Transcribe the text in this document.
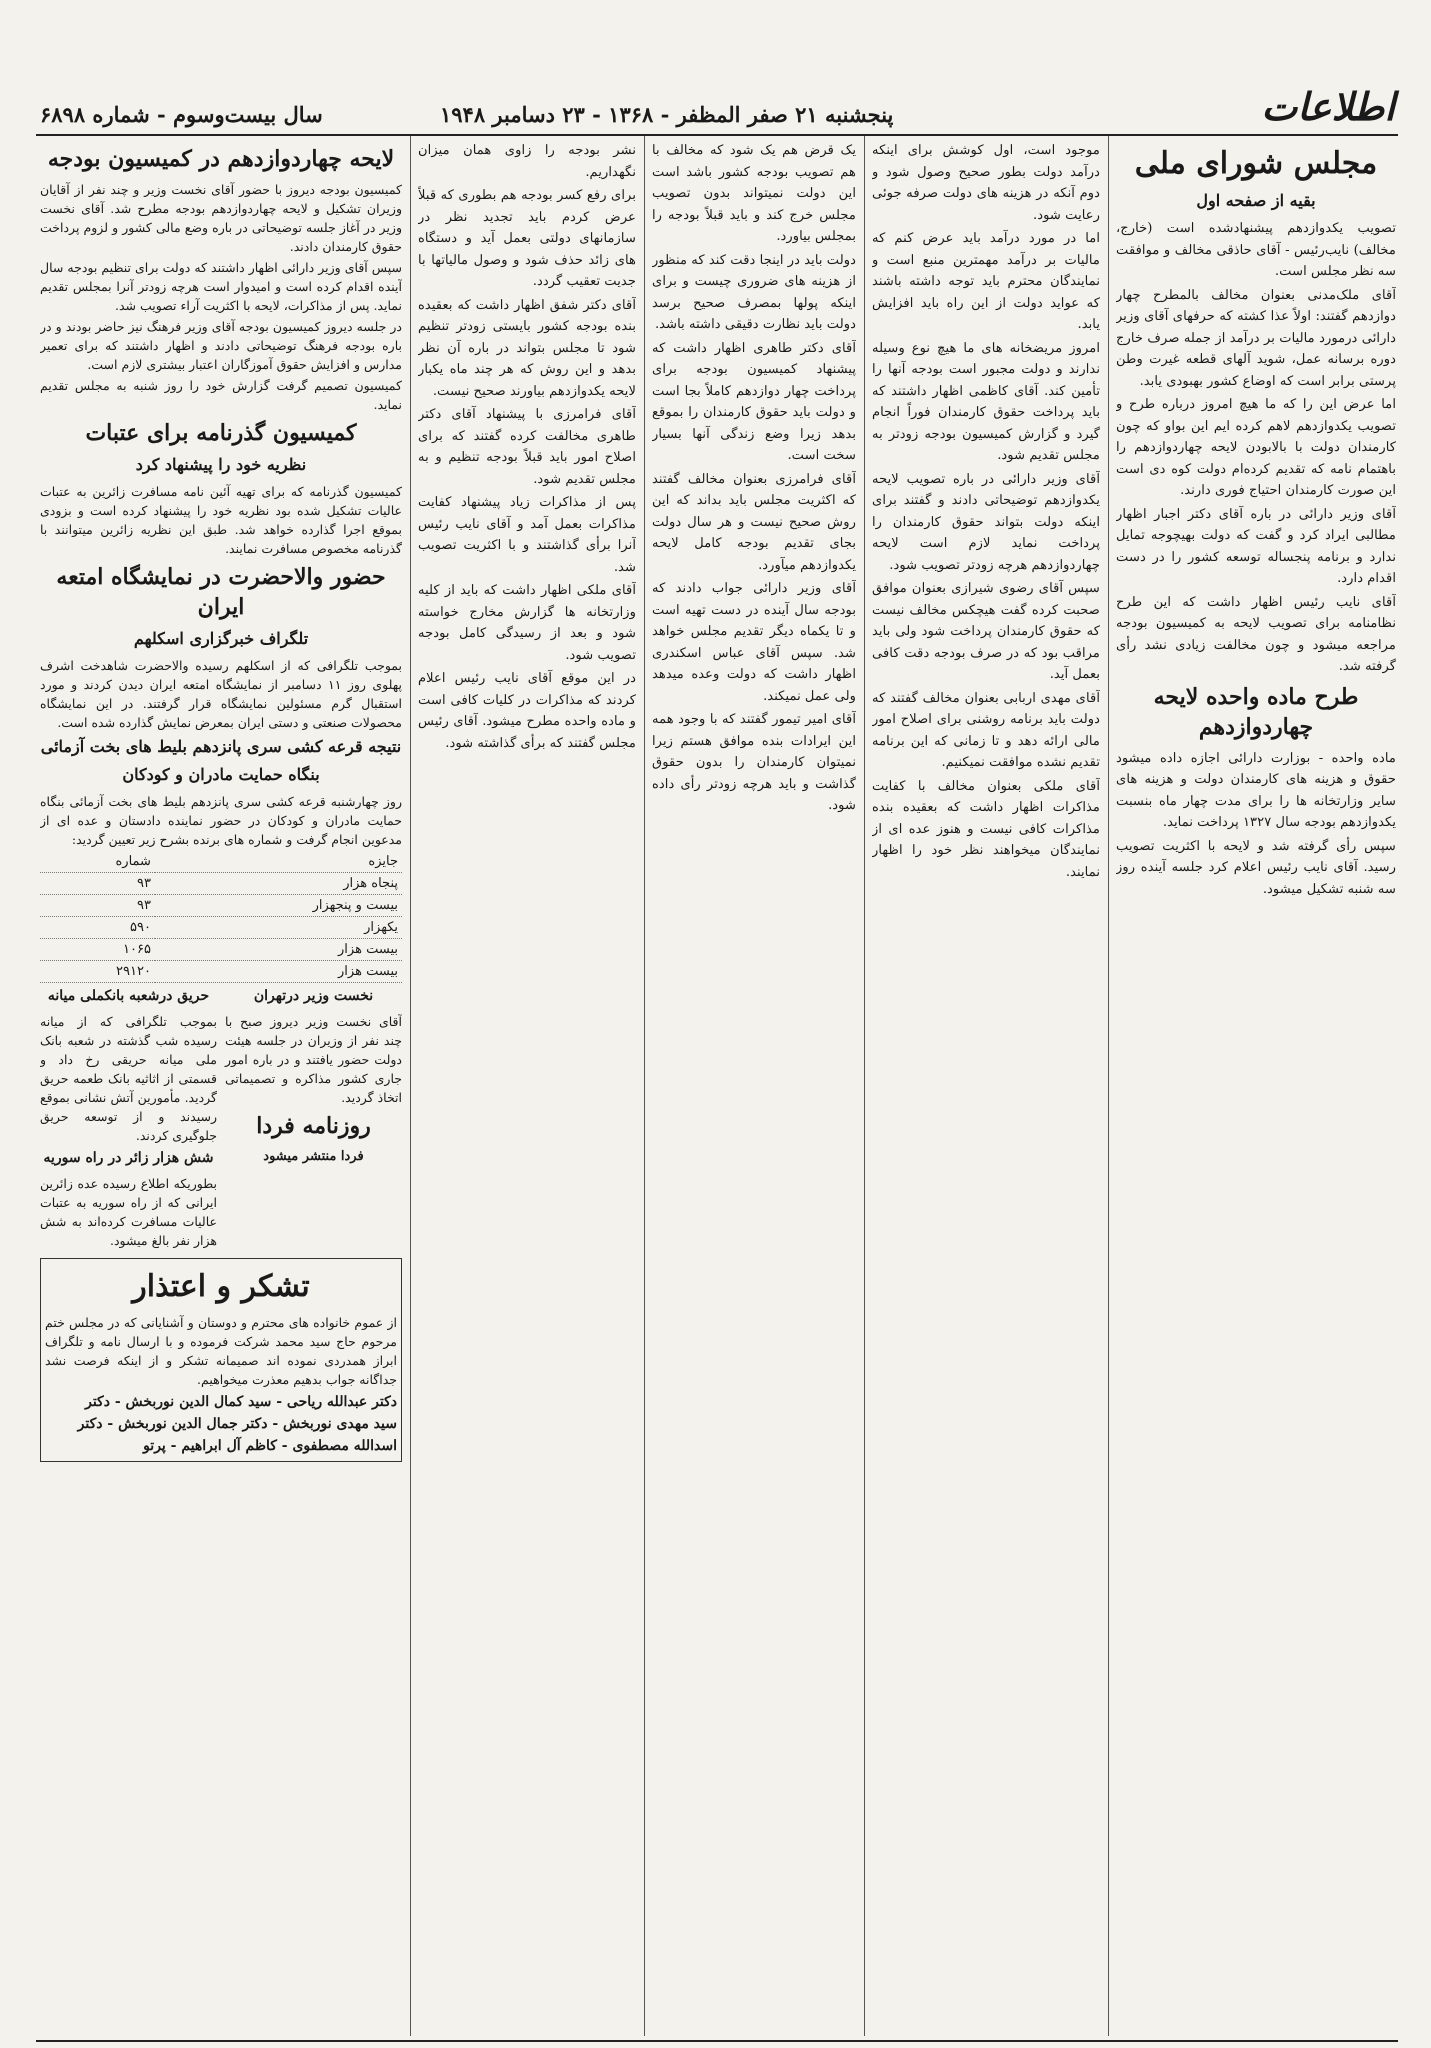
سال بیست‌وسوم - شماره ۶۸۹۸	پنجشنبه ۲۱ صفر المظفر - ۱۳۶۸ - ۲۳ دسامبر ۱۹۴۸	اطلاعات
مجلس شورای ملی
بقیه از صفحه اول

تصویب یکدوازدهم پیشنهادشده است (خارج، مخالف) نایب‌رئیس - آقای حاذقی مخالف و موافقت سه نظر مجلس است.

آقای ملک‌مدنی بعنوان مخالف بالمطرح چهار دوازدهم گفتند: اولاً عذا کشته که حرفهای آقای وزیر دارائی درمورد مالیات بر درآمد از جمله صرف خارج دوره برسانه عمل، شوید آلهای قطعه غیرت وطن پرستی برابر است که اوضاع کشور بهبودی یابد.

اما عرض این را که ما هیچ امروز درباره طرح و تصویب یکدوازدهم لاهم کرده ایم این بواو که چون کارمندان دولت با بالابودن لایحه چهاردوازدهم را باهتمام نامه که تقدیم کرده‌ام دولت کوه دی است این صورت کارمندان احتیاج فوری دارند.

آقای وزیر دارائی در باره آقای دکتر اجبار اظهار مطالبی ایراد کرد و گفت که دولت بهیچوجه تمایل ندارد و برنامه پنجساله توسعه کشور را در دست اقدام دارد.

آقای نایب رئیس اظهار داشت که این طرح نظامنامه برای تصویب لایحه به کمیسیون بودجه مراجعه میشود و چون مخالفت زیادی نشد رأی گرفته شد.

طرح ماده واحده لایحه چهاردوازدهم

ماده واحده - بوزارت دارائی اجازه داده میشود حقوق و هزینه های کارمندان دولت و هزینه های سایر وزارتخانه ها را برای مدت چهار ماه بنسبت یکدوازدهم بودجه سال ۱۳۲۷ پرداخت نماید.

سپس رأی گرفته شد و لایحه با اکثریت تصویب رسید. آقای نایب رئیس اعلام کرد جلسه آینده روز سه شنبه تشکیل میشود.

موجود است، اول کوشش برای اینکه درآمد دولت بطور صحیح وصول شود و دوم آنکه در هزینه های دولت صرفه جوئی رعایت شود.

اما در مورد درآمد باید عرض کنم که مالیات بر درآمد مهمترین منبع است و نمایندگان محترم باید توجه داشته باشند که عواید دولت از این راه باید افزایش یابد.

امروز مریضخانه های ما هیچ نوع وسیله ندارند و دولت مجبور است بودجه آنها را تأمین کند. آقای کاظمی اظهار داشتند که باید پرداخت حقوق کارمندان فوراً انجام گیرد و گزارش کمیسیون بودجه زودتر به مجلس تقدیم شود.

آقای وزیر دارائی در باره تصویب لایحه یکدوازدهم توضیحاتی دادند و گفتند برای اینکه دولت بتواند حقوق کارمندان را پرداخت نماید لازم است لایحه چهاردوازدهم هرچه زودتر تصویب شود.

سپس آقای رضوی شیرازی بعنوان موافق صحبت کرده گفت هیچکس مخالف نیست که حقوق کارمندان پرداخت شود ولی باید مراقب بود که در صرف بودجه دقت کافی بعمل آید.

آقای مهدی اربابی بعنوان مخالف گفتند که دولت باید برنامه روشنی برای اصلاح امور مالی ارائه دهد و تا زمانی که این برنامه تقدیم نشده موافقت نمیکنیم.

آقای ملکی بعنوان مخالف با کفایت مذاکرات اظهار داشت که بعقیده بنده مذاکرات کافی نیست و هنوز عده ای از نمایندگان میخواهند نظر خود را اظهار نمایند.

یک قرض هم یک شود که مخالف با هم تصویب بودجه کشور باشد است این دولت نمیتواند بدون تصویب مجلس خرج کند و باید قبلاً بودجه را بمجلس بیاورد.

دولت باید در اینجا دقت کند که منظور از هزینه های ضروری چیست و برای اینکه پولها بمصرف صحیح برسد دولت باید نظارت دقیقی داشته باشد.

آقای دکتر طاهری اظهار داشت که پیشنهاد کمیسیون بودجه برای پرداخت چهار دوازدهم کاملاً بجا است و دولت باید حقوق کارمندان را بموقع بدهد زیرا وضع زندگی آنها بسیار سخت است.

آقای فرامرزی بعنوان مخالف گفتند که اکثریت مجلس باید بداند که این روش صحیح نیست و هر سال دولت بجای تقدیم بودجه کامل لایحه یکدوازدهم میآورد.

آقای وزیر دارائی جواب دادند که بودجه سال آینده در دست تهیه است و تا یکماه دیگر تقدیم مجلس خواهد شد. سپس آقای عباس اسکندری اظهار داشت که دولت وعده میدهد ولی عمل نمیکند.

آقای امیر تیمور گفتند که با وجود همه این ایرادات بنده موافق هستم زیرا نمیتوان کارمندان را بدون حقوق گذاشت و باید هرچه زودتر رأی داده شود.

نشر بودجه را زاوی همان میزان نگهداریم.

برای رفع کسر بودجه هم بطوری که قبلاً عرض کردم باید تجدید نظر در سازمانهای دولتی بعمل آید و دستگاه های زائد حذف شود و وصول مالیاتها با جدیت تعقیب گردد.

آقای دکتر شفق اظهار داشت که بعقیده بنده بودجه کشور بایستی زودتر تنظیم شود تا مجلس بتواند در باره آن نظر بدهد و این روش که هر چند ماه یکبار لایحه یکدوازدهم بیاورند صحیح نیست.

آقای فرامرزی با پیشنهاد آقای دکتر طاهری مخالفت کرده گفتند که برای اصلاح امور باید قبلاً بودجه تنظیم و به مجلس تقدیم شود.

پس از مذاکرات زیاد پیشنهاد کفایت مذاکرات بعمل آمد و آقای نایب رئیس آنرا برأی گذاشتند و با اکثریت تصویب شد.

آقای ملکی اظهار داشت که باید از کلیه وزارتخانه ها گزارش مخارج خواسته شود و بعد از رسیدگی کامل بودجه تصویب شود.

در این موقع آقای نایب رئیس اعلام کردند که مذاکرات در کلیات کافی است و ماده واحده مطرح میشود. آقای رئیس مجلس گفتند که برأی گذاشته شود.

لایحه چهاردوازدهم در کمیسیون بودجه

کمیسیون بودجه دیروز با حضور آقای نخست وزیر و چند نفر از آقایان وزیران تشکیل و لایحه چهاردوازدهم بودجه مطرح شد. آقای نخست وزیر در آغاز جلسه توضیحاتی در باره وضع مالی کشور و لزوم پرداخت حقوق کارمندان دادند.

سپس آقای وزیر دارائی اظهار داشتند که دولت برای تنظیم بودجه سال آینده اقدام کرده است و امیدوار است هرچه زودتر آنرا بمجلس تقدیم نماید. پس از مذاکرات، لایحه با اکثریت آراء تصویب شد.

در جلسه دیروز کمیسیون بودجه آقای وزیر فرهنگ نیز حاضر بودند و در باره بودجه فرهنگ توضیحاتی دادند و اظهار داشتند که برای تعمیر مدارس و افزایش حقوق آموزگاران اعتبار بیشتری لازم است.

کمیسیون تصمیم گرفت گزارش خود را روز شنبه به مجلس تقدیم نماید.

کمیسیون گذرنامه برای عتبات
نظریه خود را پیشنهاد کرد

کمیسیون گذرنامه که برای تهیه آئین نامه مسافرت زائرین به عتبات عالیات تشکیل شده بود نظریه خود را پیشنهاد کرده است و بزودی بموقع اجرا گذارده خواهد شد. طبق این نظریه زائرین میتوانند با گذرنامه مخصوص مسافرت نمایند.

حضور والاحضرت در نمایشگاه امتعه ایران
تلگراف خبرگزاری اسکلهم

بموجب تلگرافی که از اسکلهم رسیده والاحضرت شاهدخت اشرف پهلوی روز ۱۱ دسامبر از نمایشگاه امتعه ایران دیدن کردند و مورد استقبال گرم مسئولین نمایشگاه قرار گرفتند. در این نمایشگاه محصولات صنعتی و دستی ایران بمعرض نمایش گذارده شده است.

نتیجه قرعه کشی سری پانزدهم بلیط های بخت آزمائی
بنگاه حمایت مادران و کودکان

روز چهارشنبه قرعه کشی سری پانزدهم بلیط های بخت آزمائی بنگاه حمایت مادران و کودکان در حضور نماینده دادستان و عده ای از مدعوین انجام گرفت و شماره های برنده بشرح زیر تعیین گردید:

جایزه	شماره
پنجاه هزار	۹۳
بیست و پنجهزار	۹۳
یکهزار	۵۹۰
بیست هزار	۱۰۶۵
بیست هزار	۲۹۱۲۰
نخست وزیر درتهران

آقای نخست وزیر دیروز صبح با چند نفر از وزیران در جلسه هیئت دولت حضور یافتند و در باره امور جاری کشور مذاکره و تصمیماتی اتخاذ گردید.

روزنامه فردا
فردا منتشر میشود
حریق درشعبه بانکملی میانه

بموجب تلگرافی که از میانه رسیده شب گذشته در شعبه بانک ملی میانه حریقی رخ داد و قسمتی از اثاثیه بانک طعمه حریق گردید. مأمورین آتش نشانی بموقع رسیدند و از توسعه حریق جلوگیری کردند.

شش هزار زائر در راه سوریه

بطوریکه اطلاع رسیده عده زائرین ایرانی که از راه سوریه به عتبات عالیات مسافرت کرده‌اند به شش هزار نفر بالغ میشود.

تشکر و اعتذار

از عموم خانواده های محترم و دوستان و آشنایانی که در مجلس ختم مرحوم حاج سید محمد شرکت فرموده و با ارسال نامه و تلگراف ابراز همدردی نموده اند صمیمانه تشکر و از اینکه فرصت نشد جداگانه جواب بدهیم معذرت میخواهیم.

دکتر عبدالله ریاحی - سید کمال الدین نوربخش - دکتر
سید مهدی نوربخش - دکتر جمال الدین نوربخش - دکتر
اسدالله مصطفوی - کاظم آل ابراهیم - پرتو
